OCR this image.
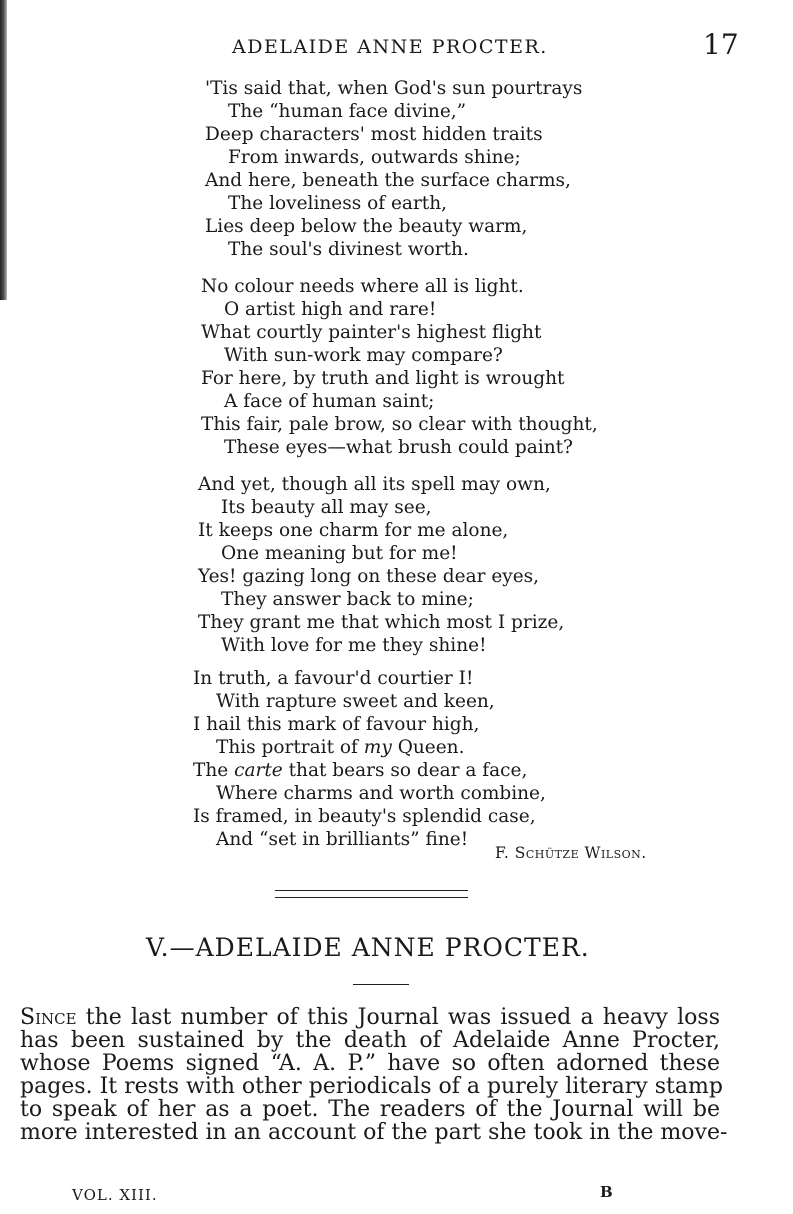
ADELAIDE ANNE PROCTER.	17
'Tis said that, when God's sun pourtrays
The “human face divine,”
Deep characters' most hidden traits
From inwards, outwards shine;
And here, beneath the surface charms,
The loveliness of earth,
Lies deep below the beauty warm,
The soul's divinest worth.
No colour needs where all is light.
O artist high and rare!
What courtly painter's highest flight
With sun-work may compare?
For here, by truth and light is wrought
A face of human saint;
This fair, pale brow, so clear with thought,
These eyes—what brush could paint?
And yet, though all its spell may own,
Its beauty all may see,
It keeps one charm for me alone,
One meaning but for me!
Yes! gazing long on these dear eyes,
They answer back to mine;
They grant me that which most I prize,
With love for me they shine!
In truth, a favour'd courtier I!
With rapture sweet and keen,
I hail this mark of favour high,
This portrait of my Queen.
The carte that bears so dear a face,
Where charms and worth combine,
Is framed, in beauty's splendid case,
And “set in brilliants” fine!
F. Schütze Wilson.
V.—ADELAIDE ANNE PROCTER.
Since the last number of this Journal was issued a heavy loss
has been sustained by the death of Adelaide Anne Procter,
whose Poems signed “A. A. P.” have so often adorned these
pages. It rests with other periodicals of a purely literary stamp
to speak of her as a poet. The readers of the Journal will be
more interested in an account of the part she took in the move-
VOL. XIII.	B
